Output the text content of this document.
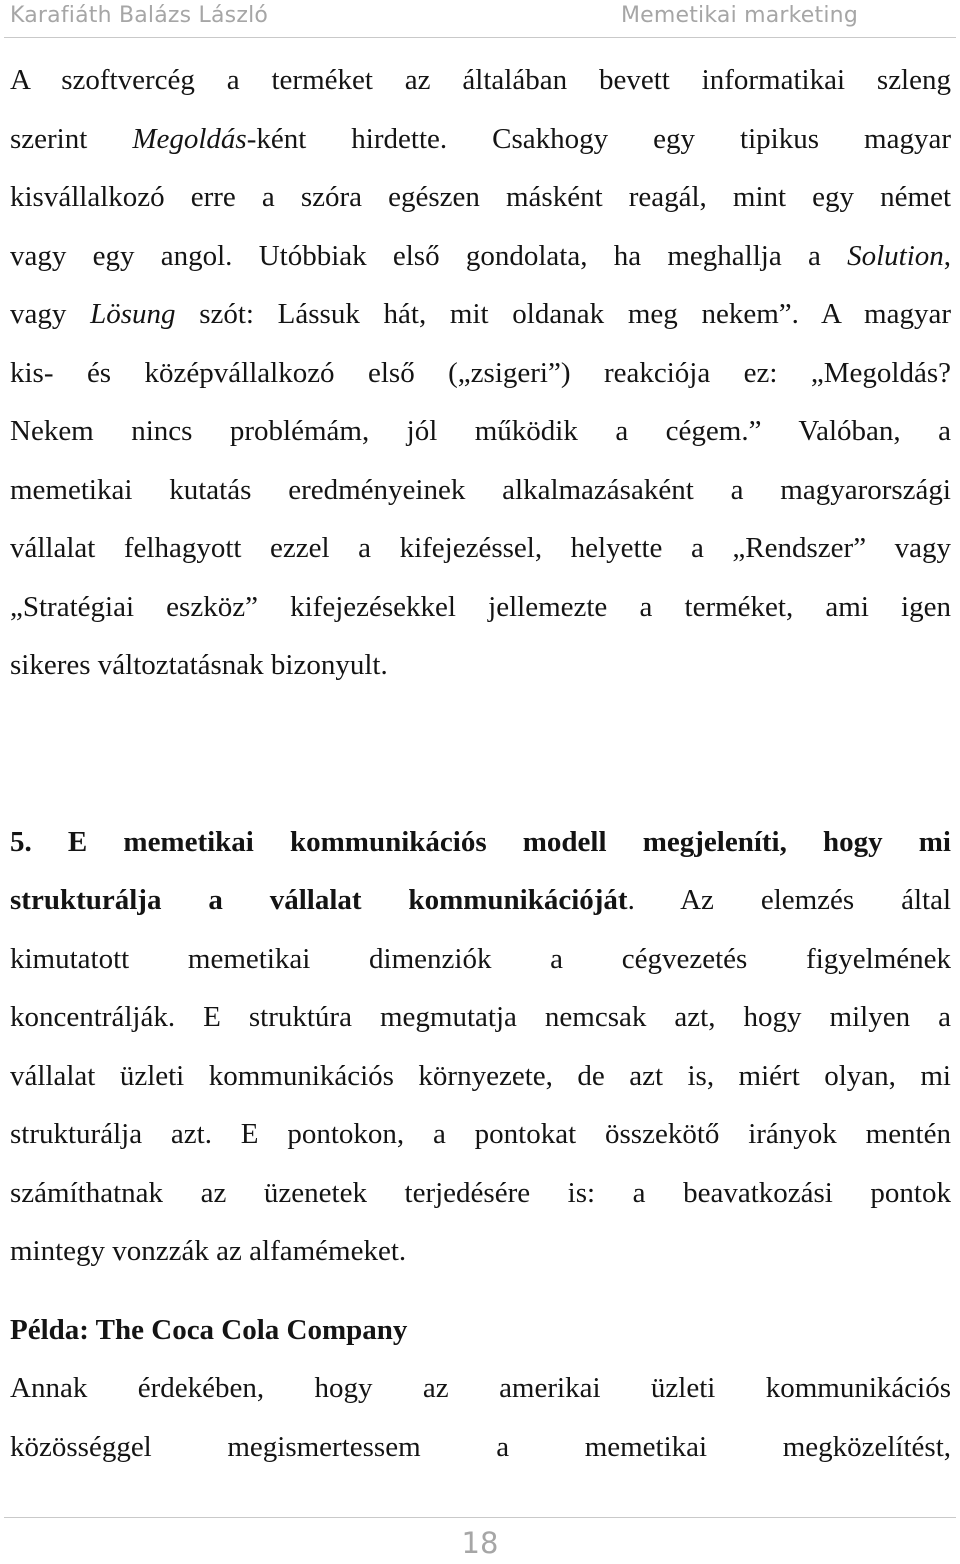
Karafiáth Balázs László	Memetikai marketing

A szoftvercég a terméket az általában bevett informatikai szleng
szerint Megoldás-ként hirdette. Csakhogy egy tipikus magyar
kisvállalkozó erre a szóra egészen másként reagál, mint egy német
vagy egy angol. Utóbbiak első gondolata, ha meghallja a Solution,
vagy Lösung szót: Lássuk hát, mit oldanak meg nekem”. A magyar
kis- és középvállalkozó első („zsigeri”) reakciója ez: „Megoldás?
Nekem nincs problémám, jól működik a cégem.” Valóban, a
memetikai kutatás eredményeinek alkalmazásaként a magyarországi
vállalat felhagyott ezzel a kifejezéssel, helyette a „Rendszer” vagy
„Stratégiai eszköz” kifejezésekkel jellemezte a terméket, ami igen
sikeres változtatásnak bizonyult.

5. E memetikai kommunikációs modell megjeleníti, hogy mi
strukturálja a vállalat kommunikációját. Az elemzés által
kimutatott memetikai dimenziók a cégvezetés figyelmének
koncentrálják. E struktúra megmutatja nemcsak azt, hogy milyen a
vállalat üzleti kommunikációs környezete, de azt is, miért olyan, mi
strukturálja azt. E pontokon, a pontokat összekötő irányok mentén
számíthatnak az üzenetek terjedésére is: a beavatkozási pontok
mintegy vonzzák az alfamémeket.

Példa: The Coca Cola Company

Annak érdekében, hogy az amerikai üzleti kommunikációs
közösséggel megismertessem a memetikai megközelítést,

18
